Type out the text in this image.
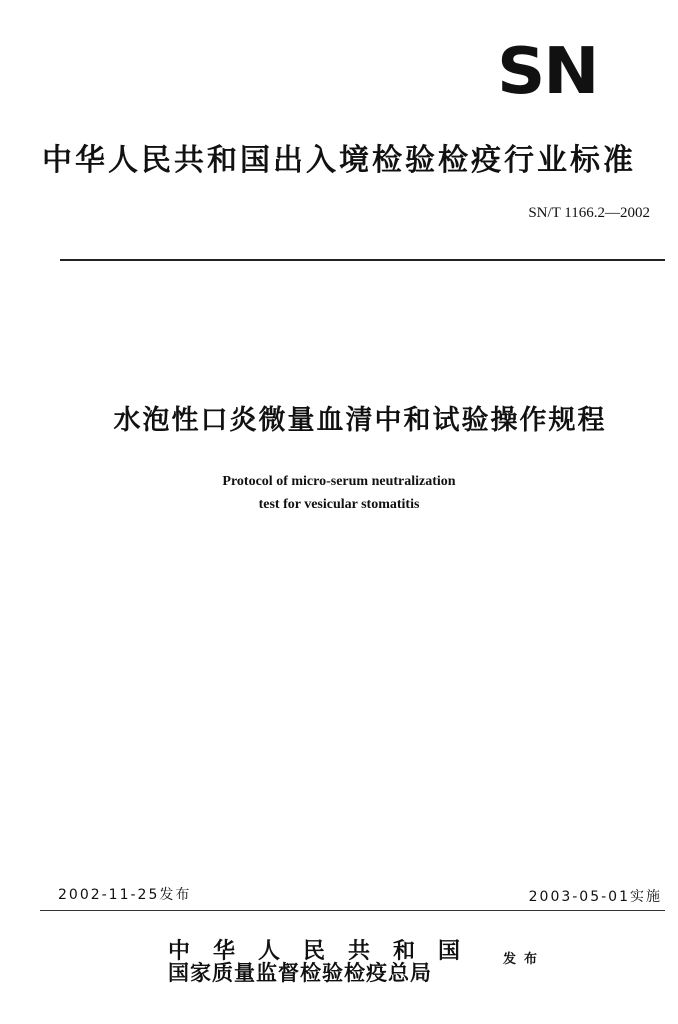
SN
中华人民共和国出入境检验检疫行业标准
SN/T 1166.2—2002
水泡性口炎微量血清中和试验操作规程
Protocol of micro-serum neutralization
test for vesicular stomatitis
2002-11-25发布	2003-05-01实施
中华人民共和国
国家质量监督检验检疫总局
发布
